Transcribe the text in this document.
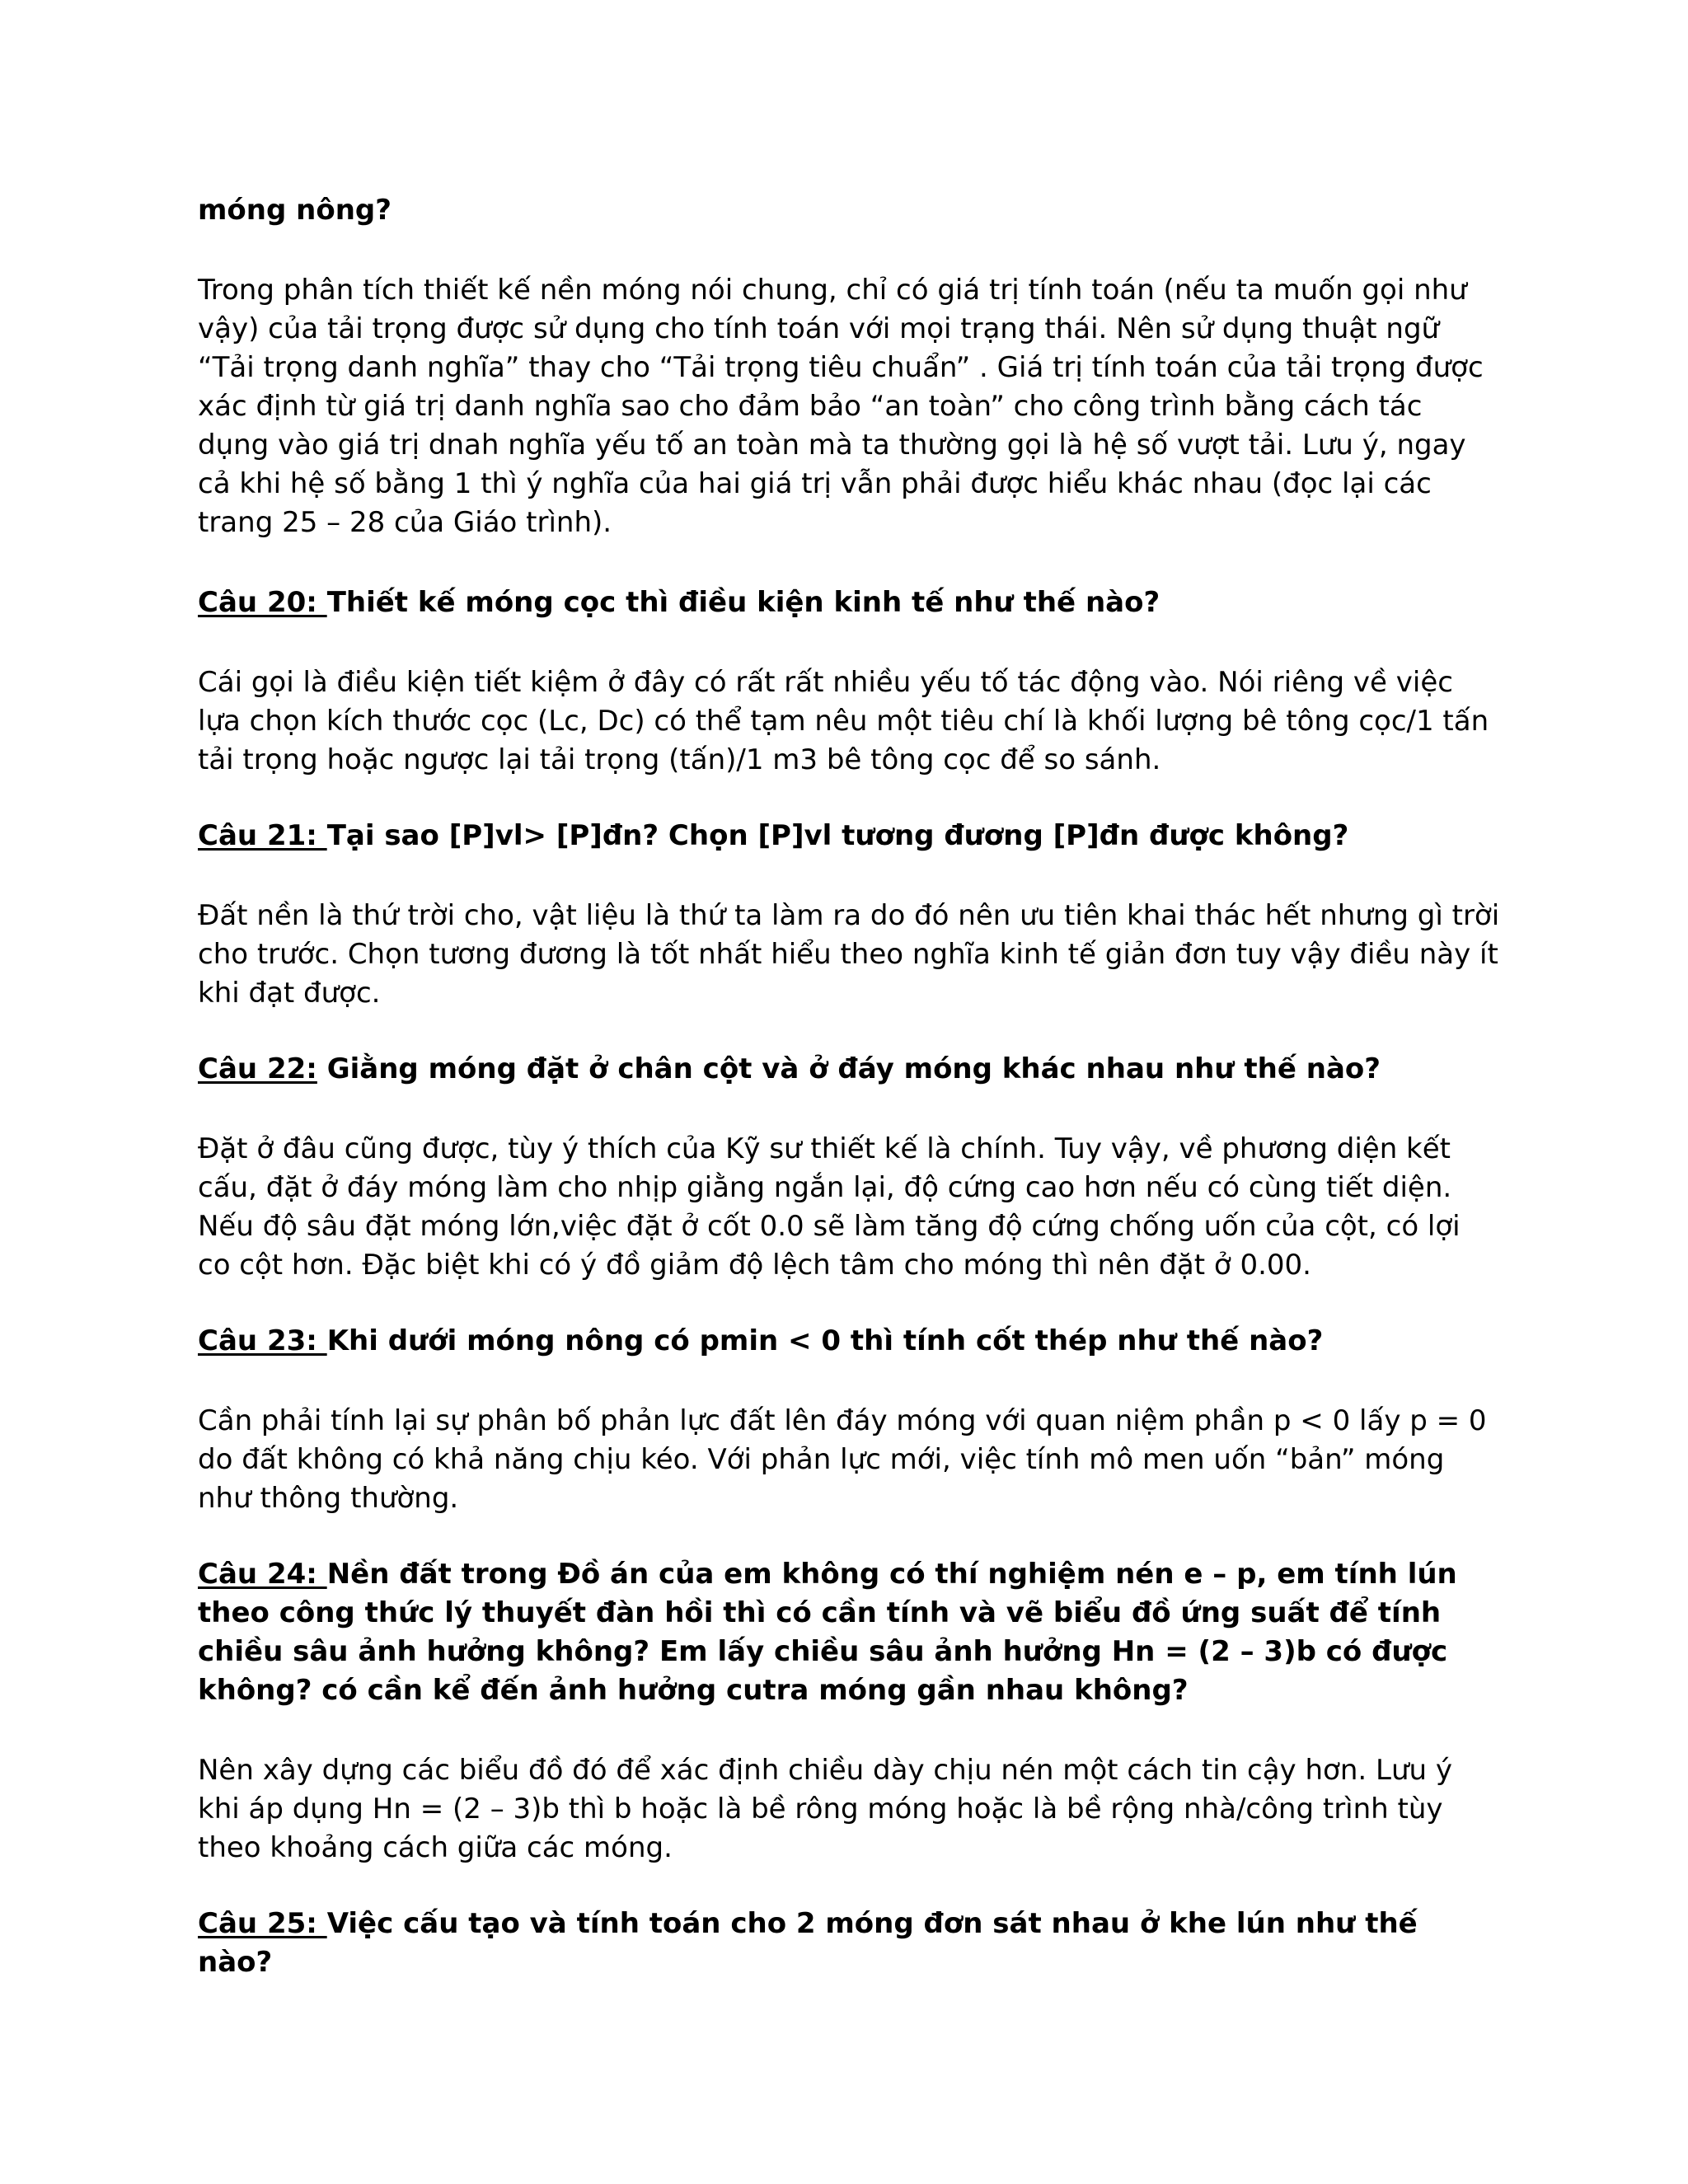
móng nông?

Trong phân tích thiết kế nền móng nói chung, chỉ có giá trị tính toán (nếu ta muốn gọi như vậy) của tải trọng được sử dụng cho tính toán với mọi trạng thái. Nên sử dụng thuật ngữ “Tải trọng danh nghĩa” thay cho “Tải trọng tiêu chuẩn” . Giá trị tính toán của tải trọng được xác định từ giá trị danh nghĩa sao cho đảm bảo “an toàn” cho công trình bằng cách tác dụng vào giá trị dnah nghĩa yếu tố an toàn mà ta thường gọi là hệ số vượt tải. Lưu ý, ngay cả khi hệ số bằng 1 thì ý nghĩa của hai giá trị vẫn phải được hiểu khác nhau (đọc lại các trang 25 – 28 của Giáo trình).

Câu 20: Thiết kế móng cọc thì điều kiện kinh tế như thế nào?

Cái gọi là điều kiện tiết kiệm ở đây có rất rất nhiều yếu tố tác động vào. Nói riêng về việc lựa chọn kích thước cọc (Lc, Dc) có thể tạm nêu một tiêu chí là khối lượng bê tông cọc/1 tấn tải trọng hoặc ngược lại tải trọng (tấn)/1 m3 bê tông cọc để so sánh.

Câu 21: Tại sao [P]vl> [P]đn? Chọn [P]vl tương đương [P]đn được không?

Đất nền là thứ trời cho, vật liệu là thứ ta làm ra do đó nên ưu tiên khai thác hết nhưng gì trời cho trước. Chọn tương đương là tốt nhất hiểu theo nghĩa kinh tế giản đơn tuy vậy điều này ít khi đạt được.

Câu 22: Giằng móng đặt ở chân cột và ở đáy móng khác nhau như thế nào?

Đặt ở đâu cũng được, tùy ý thích của Kỹ sư thiết kế là chính. Tuy vậy, về phương diện kết cấu, đặt ở đáy móng làm cho nhịp giằng ngắn lại, độ cứng cao hơn nếu có cùng tiết diện. Nếu độ sâu đặt móng lớn,việc đặt ở cốt 0.0 sẽ làm tăng độ cứng chống uốn của cột, có lợi co cột hơn. Đặc biệt khi có ý đồ giảm độ lệch tâm cho móng thì nên đặt ở 0.00.

Câu 23: Khi dưới móng nông có pmin < 0 thì tính cốt thép như thế nào?

Cần phải tính lại sự phân bố phản lực đất lên đáy móng với quan niệm phần p < 0 lấy p = 0 do đất không có khả năng chịu kéo. Với phản lực mới, việc tính mô men uốn “bản” móng như thông thường.

Câu 24: Nền đất trong Đồ án của em không có thí nghiệm nén e – p, em tính lún theo công thức lý thuyết đàn hồi thì có cần tính và vẽ biểu đồ ứng suất để tính chiều sâu ảnh hưởng không? Em lấy chiều sâu ảnh hưởng Hn = (2 – 3)b có được không? có cần kể đến ảnh hưởng cutra móng gần nhau không?

Nên xây dựng các biểu đồ đó để xác định chiều dày chịu nén một cách tin cậy hơn. Lưu ý khi áp dụng Hn = (2 – 3)b thì b hoặc là bề rông móng hoặc là bề rộng nhà/công trình tùy theo khoảng cách giữa các móng.

Câu 25: Việc cấu tạo và tính toán cho 2 móng đơn sát nhau ở khe lún như thế nào?
